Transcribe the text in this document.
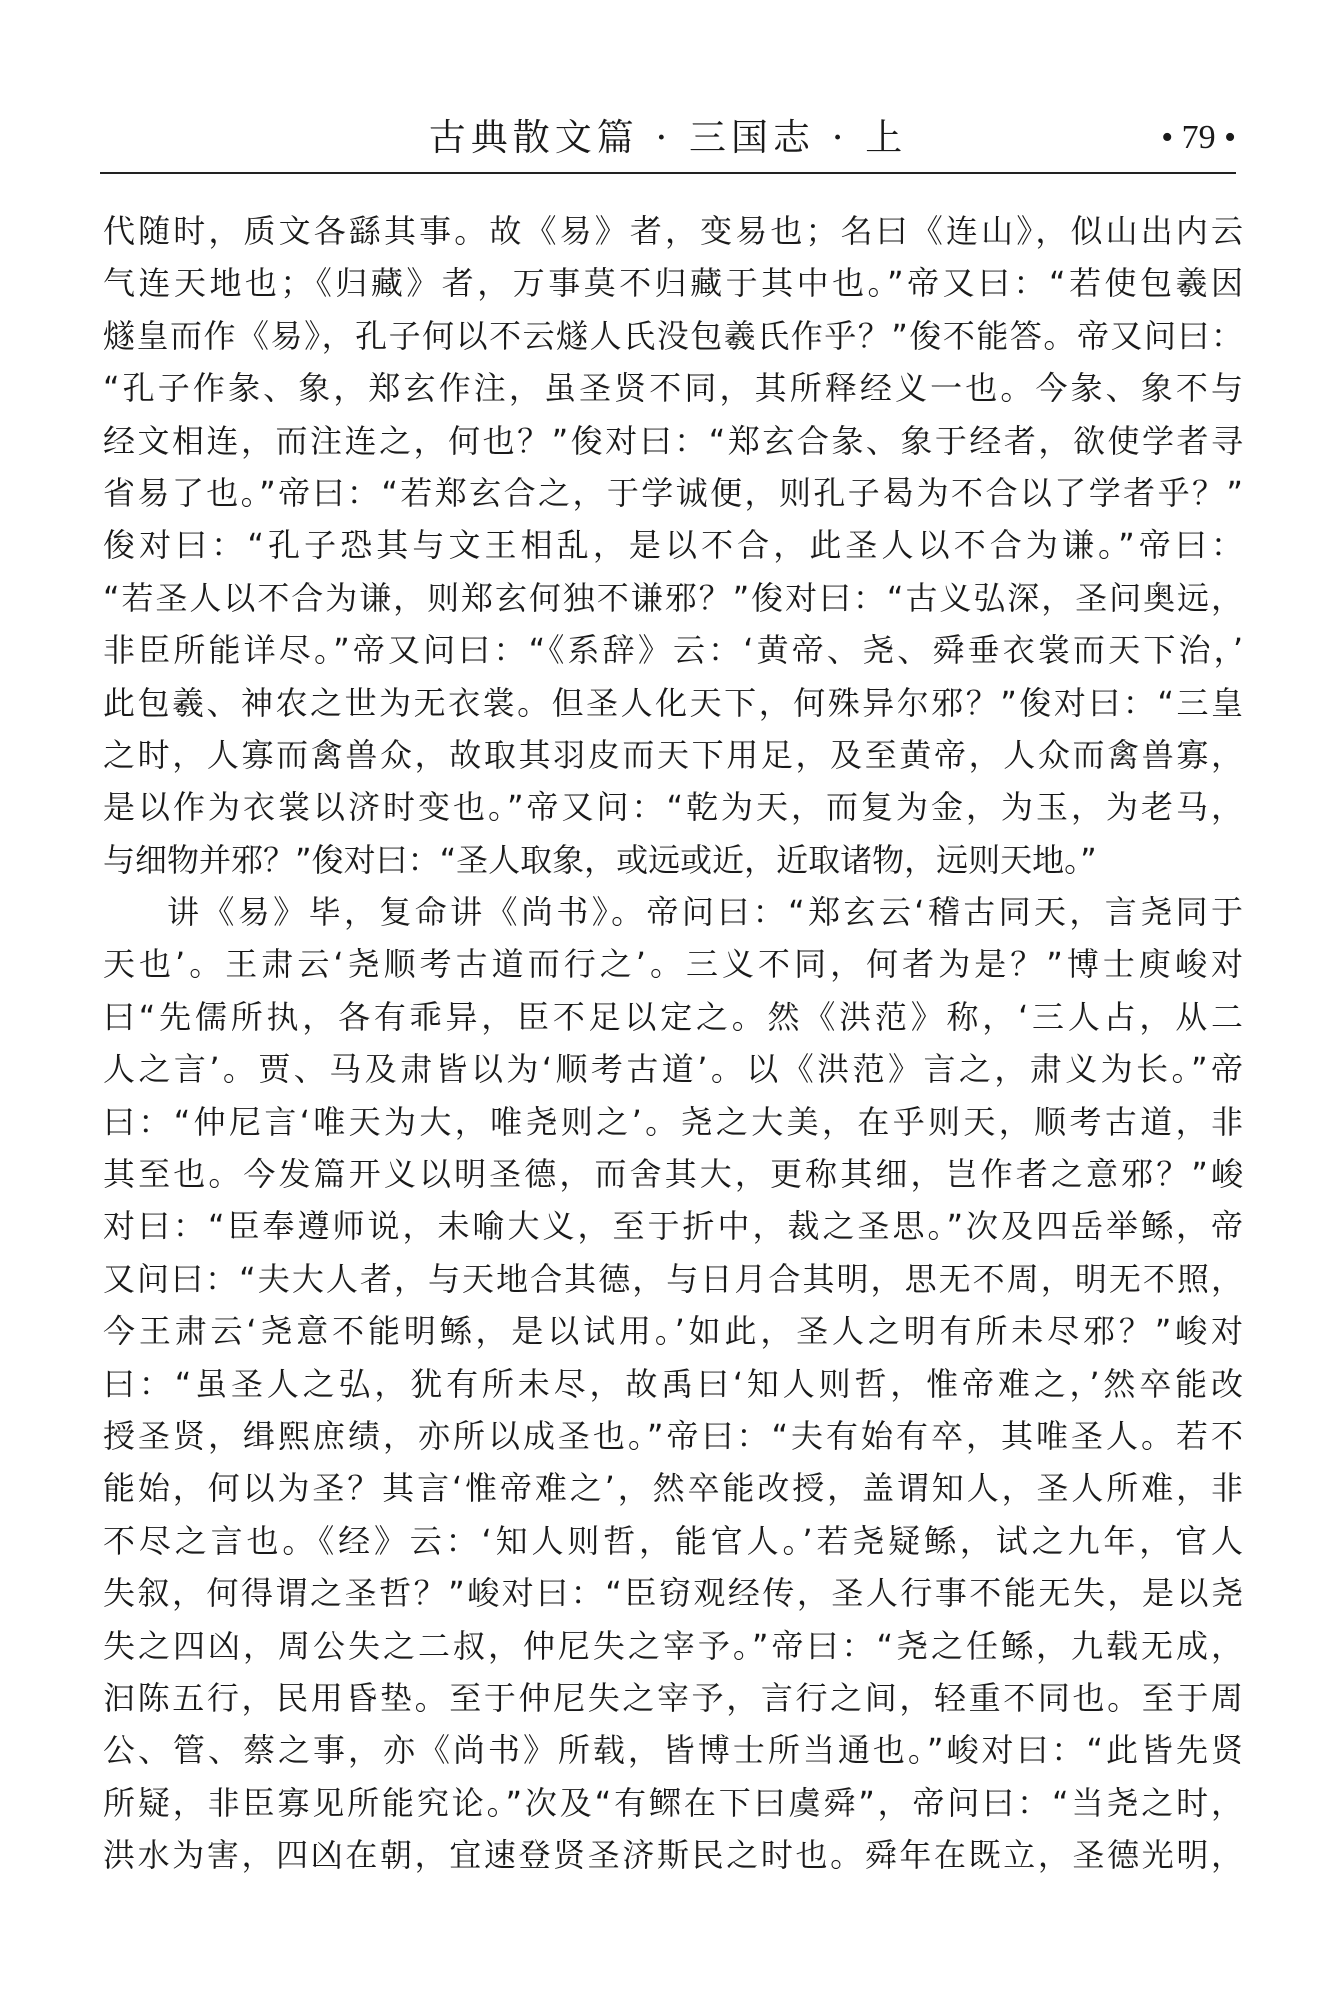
古典散文篇 · 三国志 · 上	• 79 •
代随时，质文各繇其事。故《易》者，变易也；名曰《连山》，似山出内云
气连天地也；《归藏》者，万事莫不归藏于其中也。”帝又曰：“若使包羲因
燧皇而作《易》，孔子何以不云燧人氏没包羲氏作乎？”俊不能答。帝又问曰：
“孔子作彖、象，郑玄作注，虽圣贤不同，其所释经义一也。今彖、象不与
经文相连，而注连之，何也？”俊对曰：“郑玄合彖、象于经者，欲使学者寻
省易了也。”帝曰：“若郑玄合之，于学诚便，则孔子曷为不合以了学者乎？”
俊对曰：“孔子恐其与文王相乱，是以不合，此圣人以不合为谦。”帝曰：
“若圣人以不合为谦，则郑玄何独不谦邪？”俊对曰：“古义弘深，圣问奥远，
非臣所能详尽。”帝又问曰：“《系辞》云：‘黄帝、尧、舜垂衣裳而天下治，’
此包羲、神农之世为无衣裳。但圣人化天下，何殊异尔邪？”俊对曰：“三皇
之时，人寡而禽兽众，故取其羽皮而天下用足，及至黄帝，人众而禽兽寡，
是以作为衣裳以济时变也。”帝又问：“乾为天，而复为金，为玉，为老马，
与细物并邪？”俊对曰：“圣人取象，或远或近，近取诸物，远则天地。”
讲《易》毕，复命讲《尚书》。帝问曰：“郑玄云‘稽古同天，言尧同于
天也’。王肃云‘尧顺考古道而行之’。三义不同，何者为是？”博士庾峻对
曰“先儒所执，各有乖异，臣不足以定之。然《洪范》称，‘三人占，从二
人之言’。贾、马及肃皆以为‘顺考古道’。以《洪范》言之，肃义为长。”帝
曰：“仲尼言‘唯天为大，唯尧则之’。尧之大美，在乎则天，顺考古道，非
其至也。今发篇开义以明圣德，而舍其大，更称其细，岂作者之意邪？”峻
对曰：“臣奉遵师说，未喻大义，至于折中，裁之圣思。”次及四岳举鲧，帝
又问曰：“夫大人者，与天地合其德，与日月合其明，思无不周，明无不照，
今王肃云‘尧意不能明鲧，是以试用。’如此，圣人之明有所未尽邪？”峻对
曰：“虽圣人之弘，犹有所未尽，故禹曰‘知人则哲，惟帝难之，’然卒能改
授圣贤，缉熙庶绩，亦所以成圣也。”帝曰：“夫有始有卒，其唯圣人。若不
能始，何以为圣？其言‘惟帝难之’，然卒能改授，盖谓知人，圣人所难，非
不尽之言也。《经》云：‘知人则哲，能官人。’若尧疑鲧，试之九年，官人
失叙，何得谓之圣哲？”峻对曰：“臣窃观经传，圣人行事不能无失，是以尧
失之四凶，周公失之二叔，仲尼失之宰予。”帝曰：“尧之任鲧，九载无成，
汩陈五行，民用昏垫。至于仲尼失之宰予，言行之间，轻重不同也。至于周
公、管、蔡之事，亦《尚书》所载，皆博士所当通也。”峻对曰：“此皆先贤
所疑，非臣寡见所能究论。”次及“有鳏在下曰虞舜”，帝问曰：“当尧之时，
洪水为害，四凶在朝，宜速登贤圣济斯民之时也。舜年在既立，圣德光明，
